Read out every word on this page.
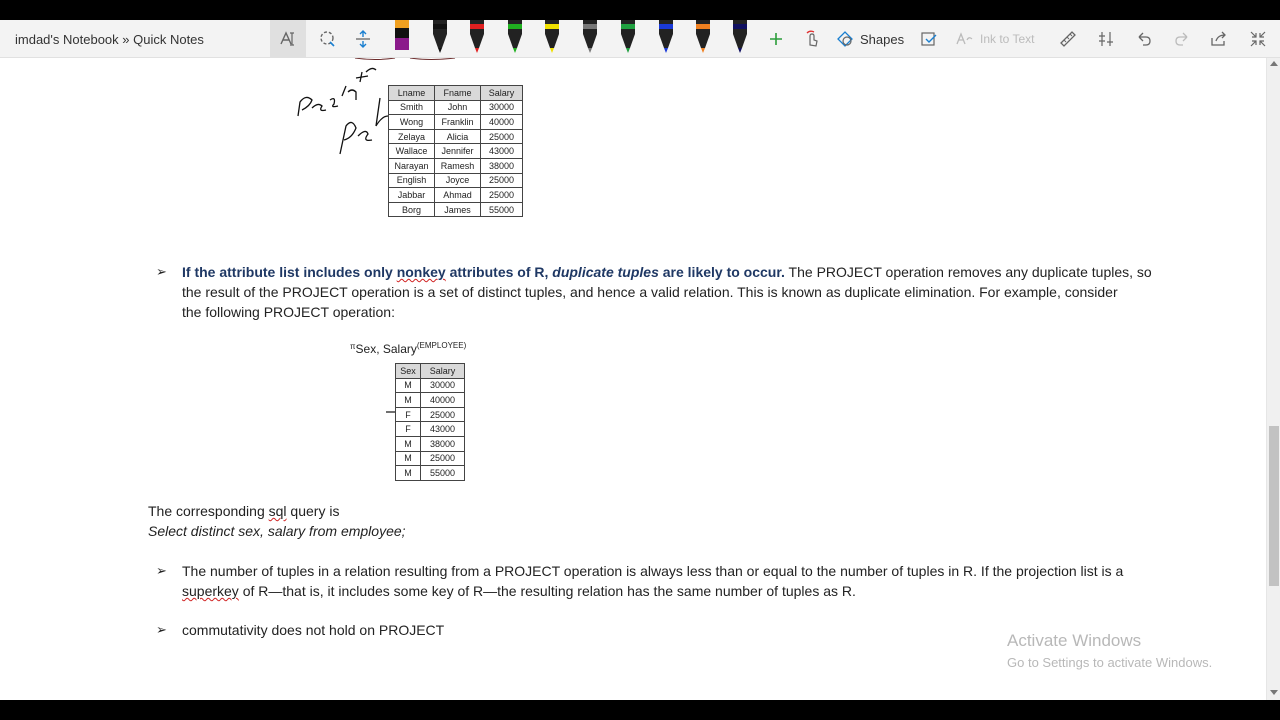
imdad's Notebook » Quick Notes	Shapes	Ink to Text
Lname	Fname	Salary
Smith	John	30000
Wong	Franklin	40000
Zelaya	Alicia	25000
Wallace	Jennifer	43000
Narayan	Ramesh	38000
English	Joyce	25000
Jabbar	Ahmad	25000
Borg	James	55000
➢ If the attribute list includes only nonkey attributes of R, duplicate tuples are likely to occur. The PROJECT operation removes any duplicate tuples, so
the result of the PROJECT operation is a set of distinct tuples, and hence a valid relation. This is known as duplicate elimination. For example, consider
the following PROJECT operation:
$^\pi$Sex, Salary$^{(EMPLOYEE)}$
Sex	Salary
M	30000
M	40000
F	25000
F	43000
M	38000
M	25000
M	55000
The corresponding sql query is
Select distinct sex, salary from employee;
➢ The number of tuples in a relation resulting from a PROJECT operation is always less than or equal to the number of tuples in R. If the projection list is a
superkey of R—that is, it includes some key of R—the resulting relation has the same number of tuples as R.
➢ commutativity does not hold on PROJECT
Activate Windows
Go to Settings to activate Windows.
